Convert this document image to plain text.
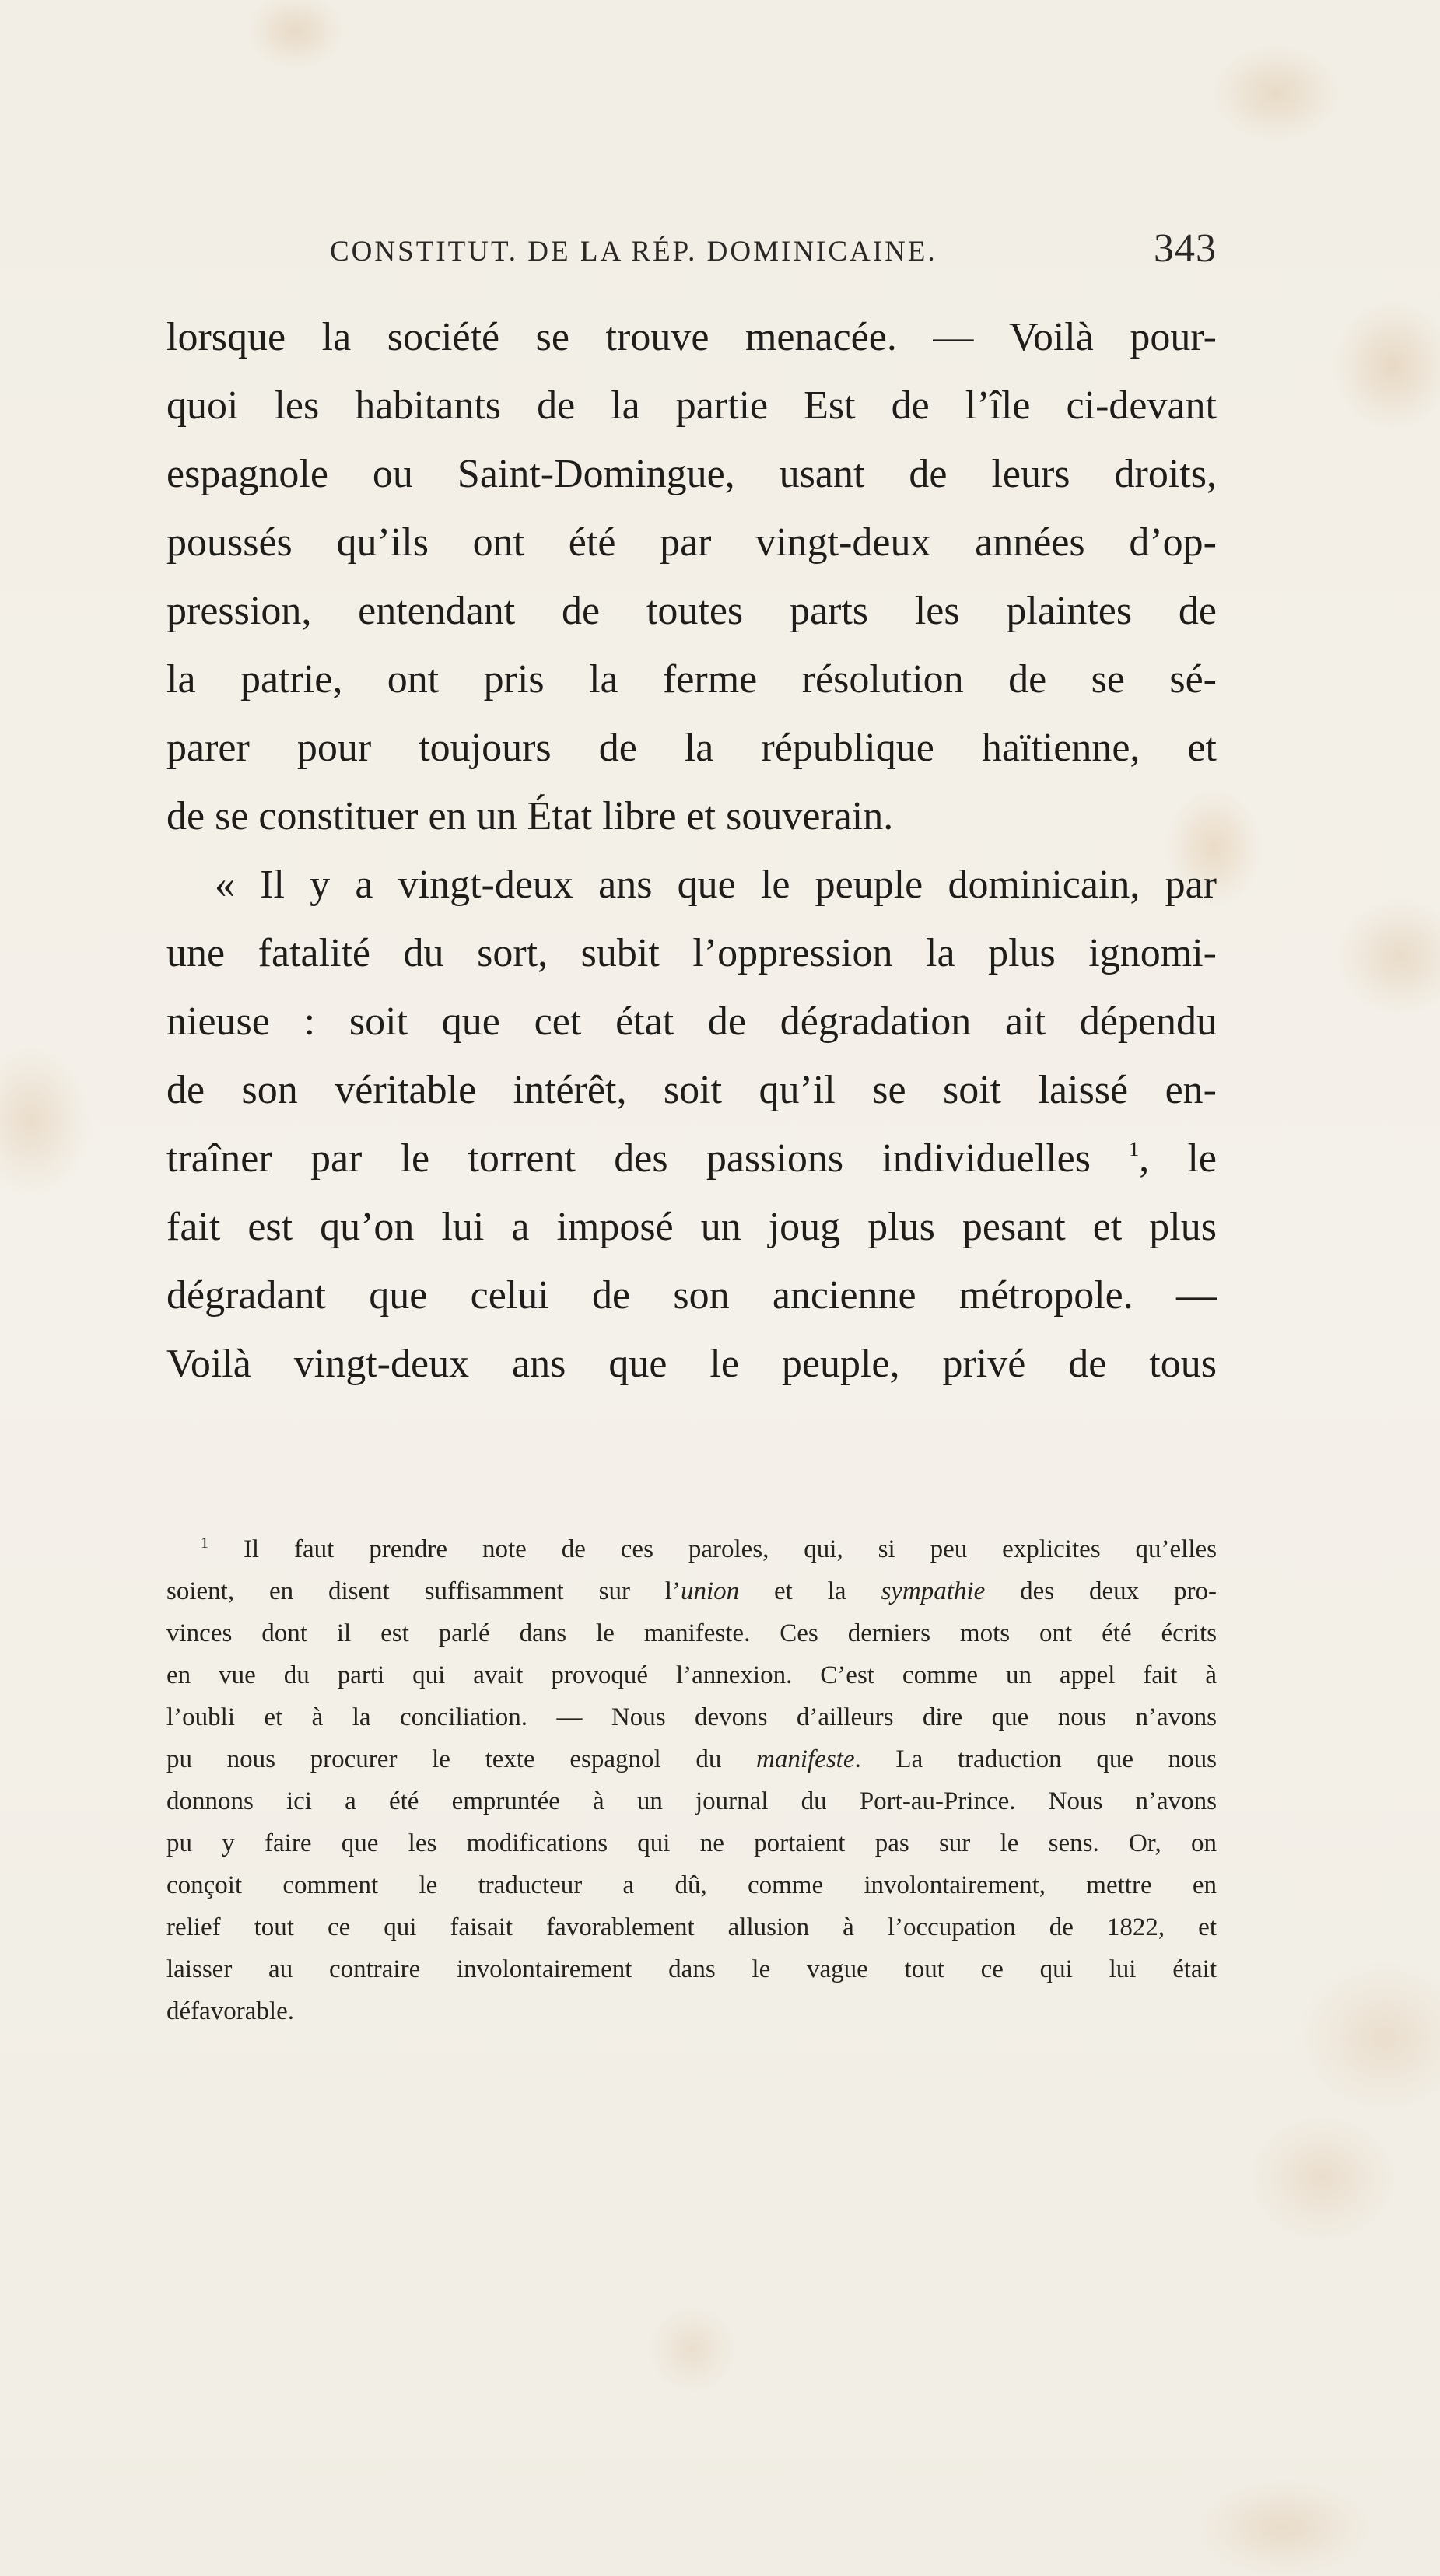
CONSTITUT. DE LA RÉP. DOMINICAINE.	343
lorsque la société se trouve menacée. — Voilà pour-
quoi les habitants de la partie Est de l’île ci-devant
espagnole ou Saint-Domingue, usant de leurs droits,
poussés qu’ils ont été par vingt-deux années d’op-
pression, entendant de toutes parts les plaintes de
la patrie, ont pris la ferme résolution de se sé-
parer pour toujours de la république haïtienne, et
de se constituer en un État libre et souverain.
« Il y a vingt-deux ans que le peuple dominicain, par
une fatalité du sort, subit l’oppression la plus ignomi-
nieuse : soit que cet état de dégradation ait dépendu
de son véritable intérêt, soit qu’il se soit laissé en-
traîner par le torrent des passions individuelles $^1$, le
fait est qu’on lui a imposé un joug plus pesant et plus
dégradant que celui de son ancienne métropole. —
Voilà vingt-deux ans que le peuple, privé de tous
$^1$ Il faut prendre note de ces paroles, qui, si peu explicites qu’elles
soient, en disent suffisamment sur l’union et la sympathie des deux pro-
vinces dont il est parlé dans le manifeste. Ces derniers mots ont été écrits
en vue du parti qui avait provoqué l’annexion. C’est comme un appel fait à
l’oubli et à la conciliation. — Nous devons d’ailleurs dire que nous n’avons
pu nous procurer le texte espagnol du manifeste. La traduction que nous
donnons ici a été empruntée à un journal du Port-au-Prince. Nous n’avons
pu y faire que les modifications qui ne portaient pas sur le sens. Or, on
conçoit comment le traducteur a dû, comme involontairement, mettre en
relief tout ce qui faisait favorablement allusion à l’occupation de 1822, et
laisser au contraire involontairement dans le vague tout ce qui lui était
défavorable.
